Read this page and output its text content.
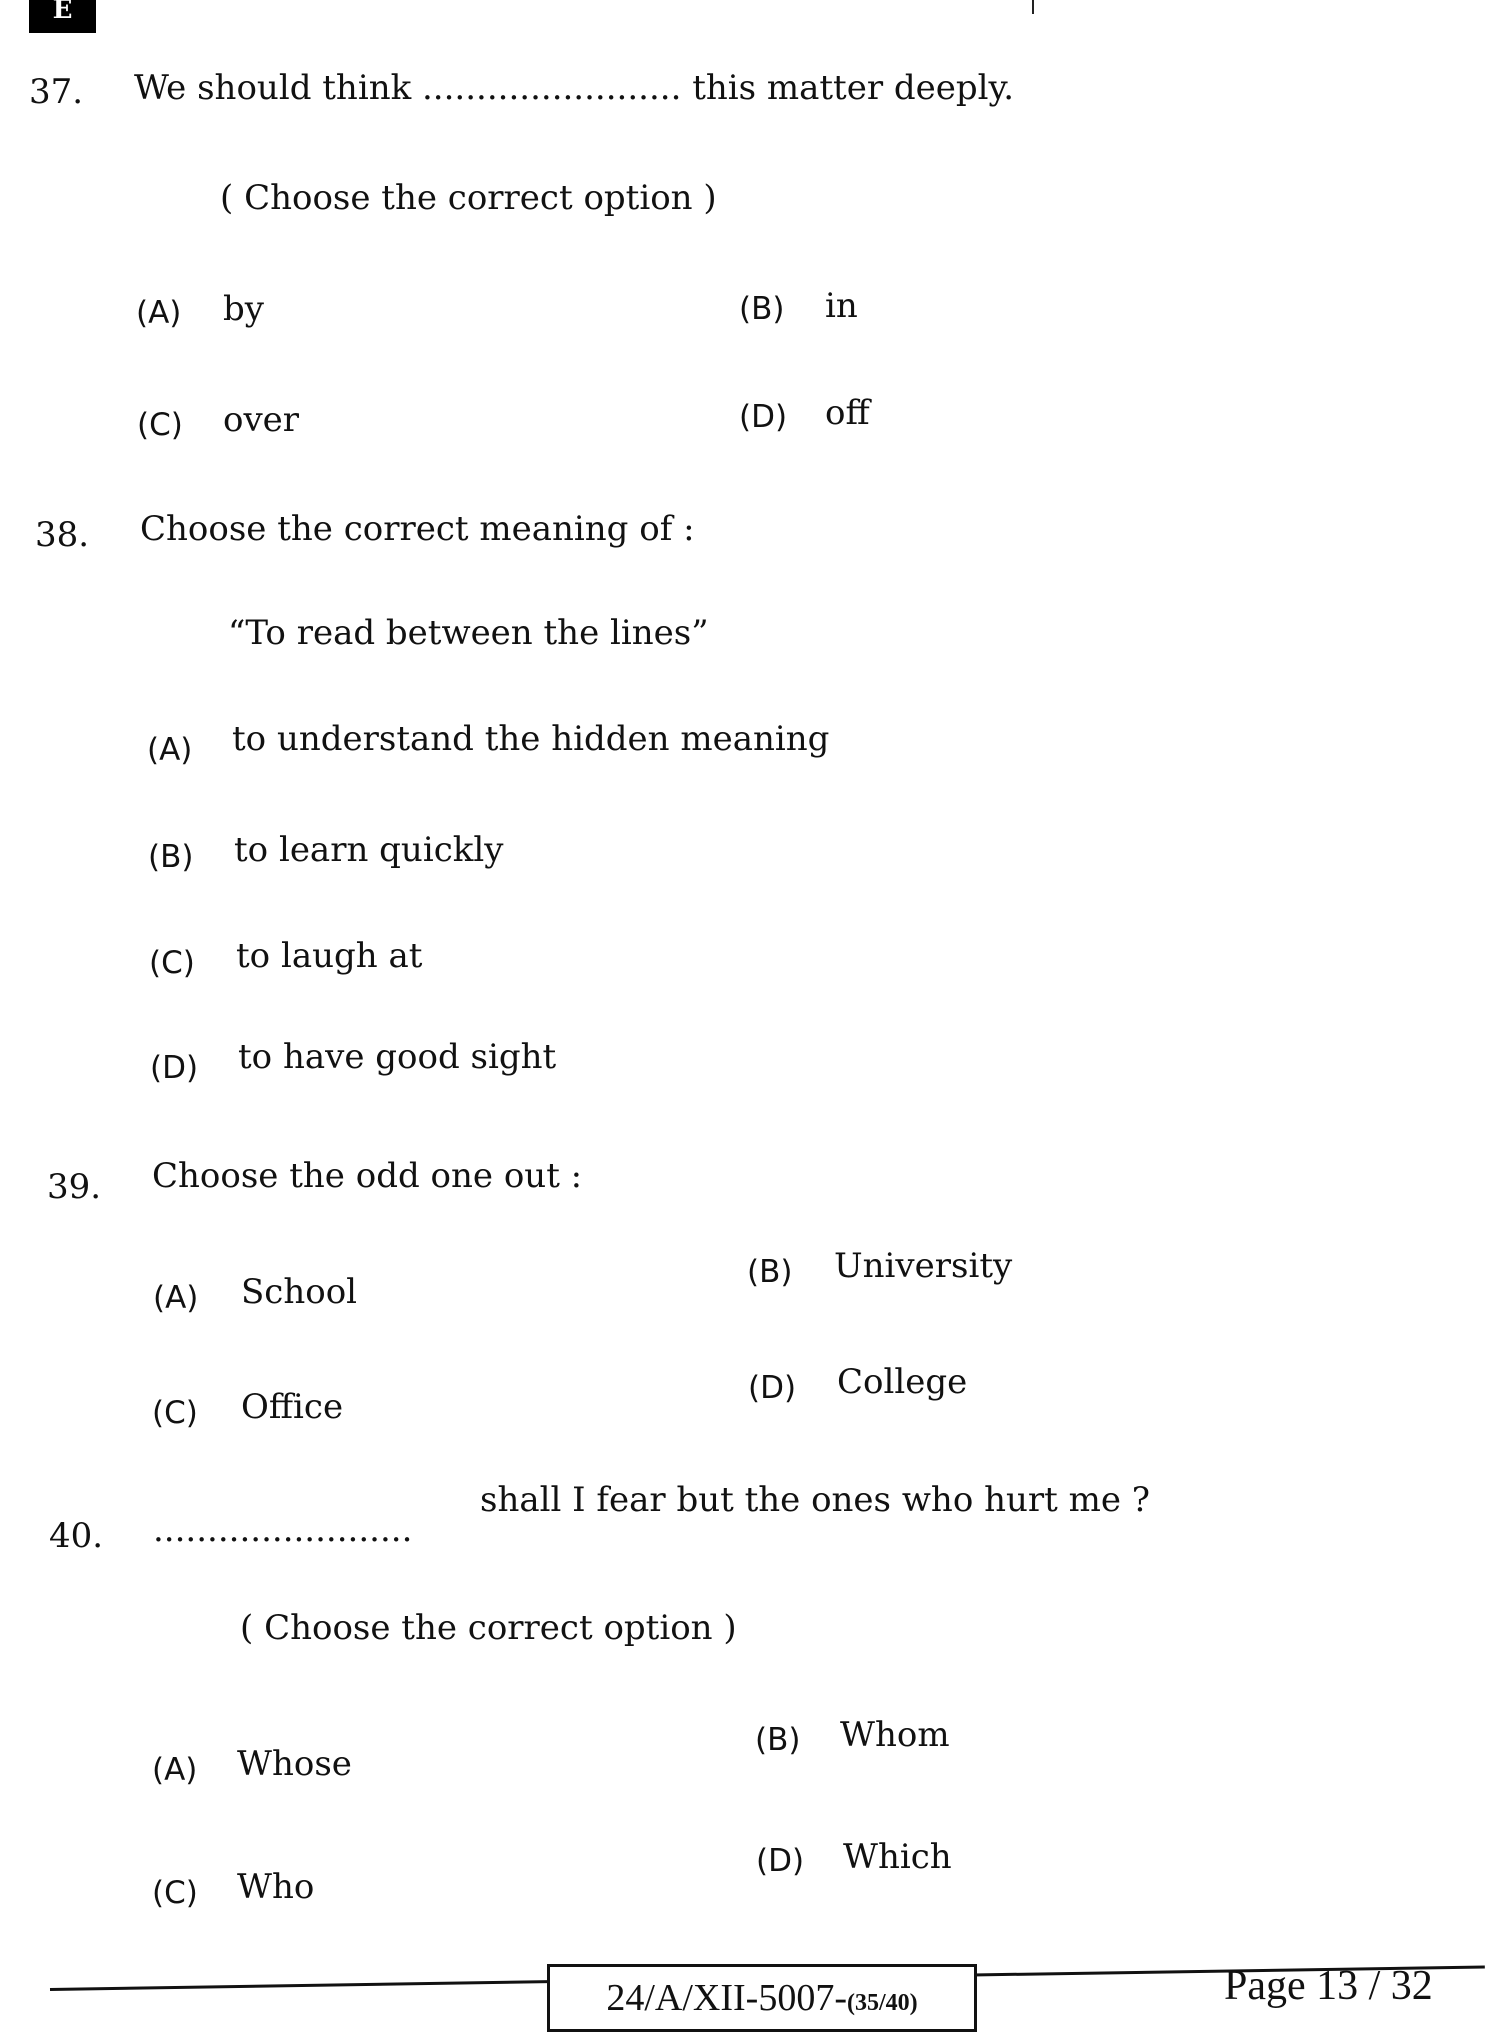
E
37. We should think ........................ this matter deeply.
( Choose the correct option )
(A) by	(B) in
(C) over	(D) off
38. Choose the correct meaning of :
“To read between the lines”
(A) to understand the hidden meaning
(B) to learn quickly
(C) to laugh at
(D) to have good sight
39. Choose the odd one out :
(A) School	(B) University
(C) Office	(D) College
40. ........................
shall I fear but the ones who hurt me ?
( Choose the correct option )
(A) Whose
(B) Whom
(C) Who
(D) Which
24/A/XII-5007-(35/40)	Page 13 / 32
